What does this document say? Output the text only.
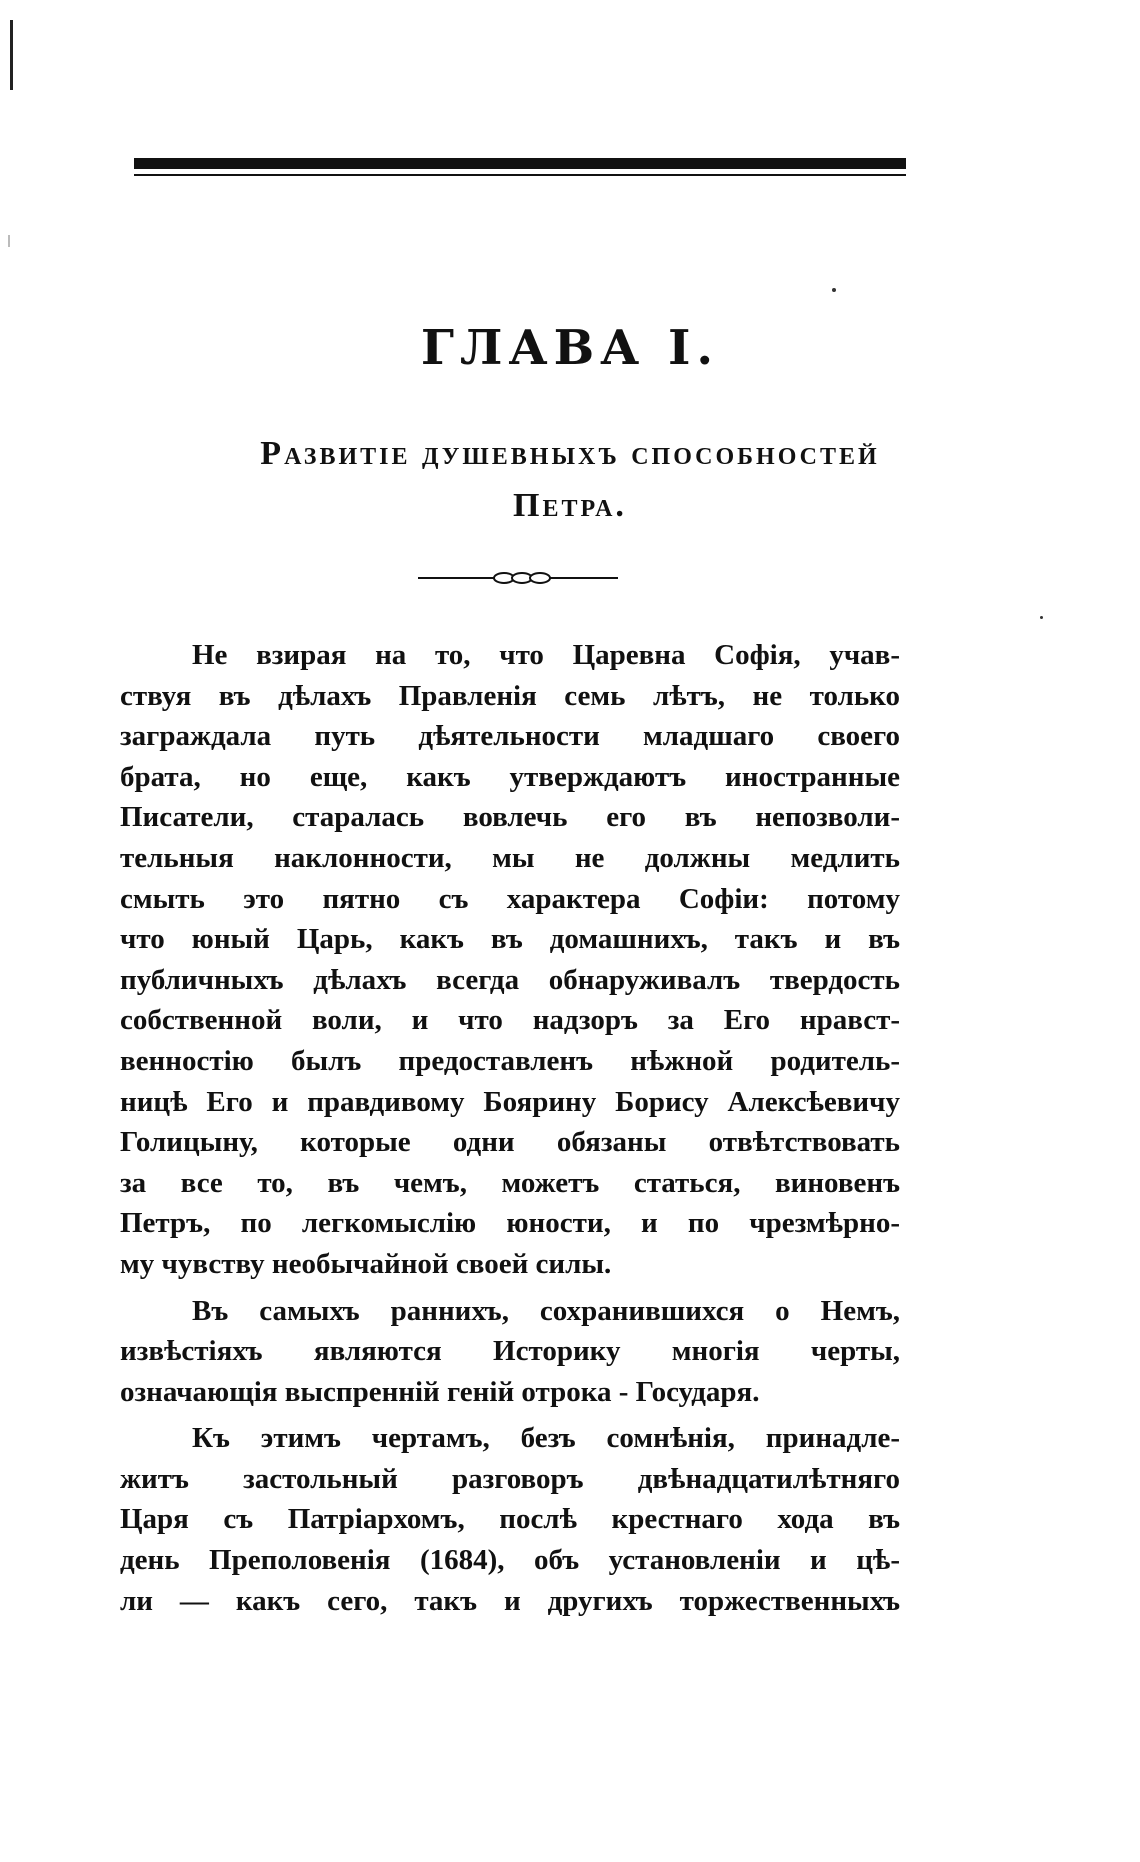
ГЛАВА I.
Развитіе душевныхъ способностей
Петра.
Не взирая на то, что Царевна Софія, учав-
ствуя въ дѣлахъ Правленія семь лѣтъ, не только
заграждала путь дѣятельности младшаго своего
брата, но еще, какъ утверждаютъ иностранные
Писатели, старалась вовлечь его въ непозволи-
тельныя наклонности, мы не должны медлить
смыть это пятно съ характера Софіи: потому
что юный Царь, какъ въ домашнихъ, такъ и въ
публичныхъ дѣлахъ всегда обнаруживалъ твердость
собственной воли, и что надзоръ за Его нравст-
венностію былъ предоставленъ нѣжной родитель-
ницѣ Его и правдивому Боярину Борису Алексѣевичу
Голицыну, которые одни обязаны отвѣтствовать
за все то, въ чемъ, можетъ статься, виновенъ
Петръ, по легкомыслію юности, и по чрезмѣрно-
му чувству необычайной своей силы.
Въ самыхъ раннихъ, сохранившихся о Немъ,
извѣстіяхъ являются Историку многія черты,
означающія выспренній геній отрока - Государя.
Къ этимъ чертамъ, безъ сомнѣнія, принадле-
житъ застольный разговоръ двѣнадцатилѣтняго
Царя съ Патріархомъ, послѣ крестнаго хода въ
день Преполовенія (1684), объ установленіи и цѣ-
ли — какъ сего, такъ и другихъ торжественныхъ
